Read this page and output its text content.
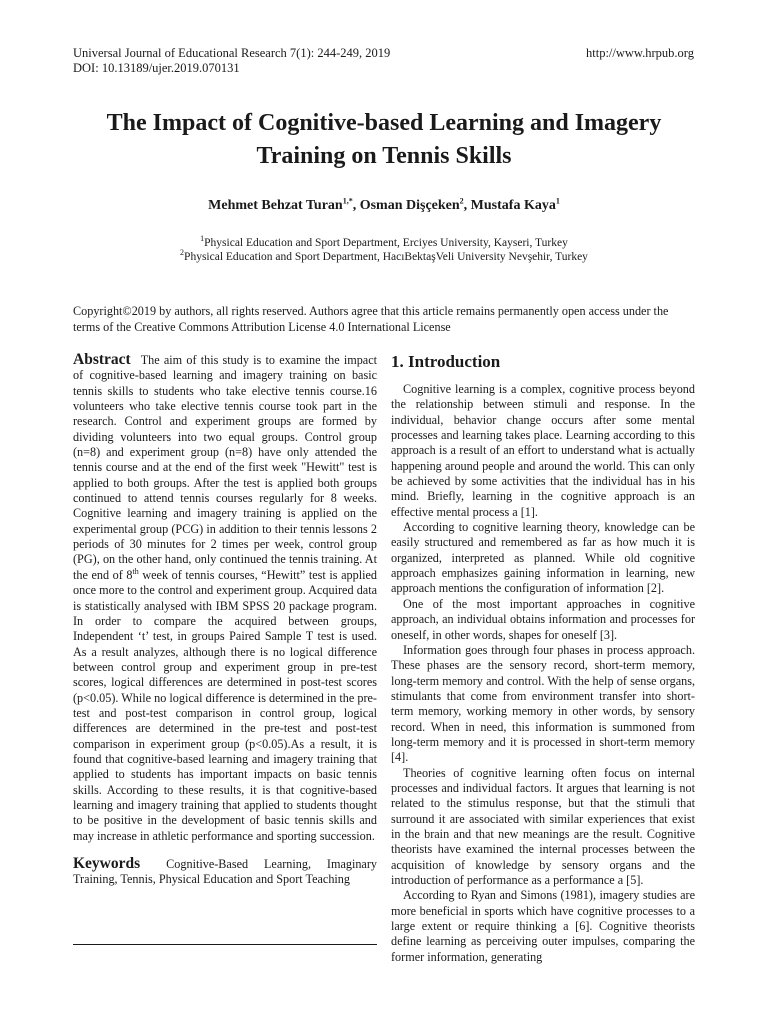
Universal Journal of Educational Research 7(1): 244-249, 2019
DOI: 10.13189/ujer.2019.070131
http://www.hrpub.org
The Impact of Cognitive-based Learning and Imagery
Training on Tennis Skills
Mehmet Behzat Turan$^{1,*}$, Osman Dişçeken$^2$, Mustafa Kaya$^1$
$^1$Physical Education and Sport Department, Erciyes University, Kayseri, Turkey
$^2$Physical Education and Sport Department, HacıBektaşVeli University Nevşehir, Turkey
Copyright©2019 by authors, all rights reserved. Authors agree that this article remains permanently open access under the terms of the Creative Commons Attribution License 4.0 International License

Abstract The aim of this study is to examine the impact of cognitive-based learning and imagery training on basic tennis skills to students who take elective tennis course.16 volunteers who take elective tennis course took part in the research. Control and experiment groups are formed by dividing volunteers into two equal groups. Control group (n=8) and experiment group (n=8) have only attended the tennis course and at the end of the first week "Hewitt" test is applied to both groups. After the test is applied both groups continued to attend tennis courses regularly for 8 weeks. Cognitive learning and imagery training is applied on the experimental group (PCG) in addition to their tennis lessons 2 periods of 30 minutes for 2 times per week, control group (PG), on the other hand, only continued the tennis training. At the end of 8th week of tennis courses, “Hewitt” test is applied once more to the control and experiment group. Acquired data is statistically analysed with IBM SPSS 20 package program. In order to compare the acquired between groups, Independent ‘t’ test, in groups Paired Sample T test is used. As a result analyzes, although there is no logical difference between control group and experiment group in pre-test scores, logical differences are determined in post-test scores (p<0.05). While no logical difference is determined in the pre-test and post-test comparison in control group, logical differences are determined in the pre-test and post-test comparison in experiment group (p<0.05).As a result, it is found that cognitive-based learning and imagery training that applied to students has important impacts on basic tennis skills. According to these results, it is that cognitive-based learning and imagery training that applied to students thought to be positive in the development of basic tennis skills and may increase in athletic performance and sporting succession.

Keywords Cognitive-Based Learning, Imaginary Training, Tennis, Physical Education and Sport Teaching

1. Introduction

Cognitive learning is a complex, cognitive process beyond the relationship between stimuli and response. In the individual, behavior change occurs after some mental processes and learning takes place. Learning according to this approach is a result of an effort to understand what is actually happening around people and around the world. This can only be achieved by some activities that the individual has in his mind. Briefly, learning in the cognitive approach is an effective mental process a [1].

According to cognitive learning theory, knowledge can be easily structured and remembered as far as how much it is organized, interpreted as planned. While old cognitive approach emphasizes gaining information in learning, new approach mentions the configuration of information [2].

One of the most important approaches in cognitive approach, an individual obtains information and processes for oneself, in other words, shapes for oneself [3].

Information goes through four phases in process approach. These phases are the sensory record, short-term memory, long-term memory and control. With the help of sense organs, stimulants that come from environment transfer into short-term memory, working memory in other words, by sensory record. When in need, this information is summoned from long-term memory and it is processed in short-term memory [4].

Theories of cognitive learning often focus on internal processes and individual factors. It argues that learning is not related to the stimulus response, but that the stimuli that surround it are associated with similar experiences that exist in the brain and that new meanings are the result. Cognitive theorists have examined the internal processes between the acquisition of knowledge by sensory organs and the introduction of performance as a performance a [5].

According to Ryan and Simons (1981), imagery studies are more beneficial in sports which have cognitive processes to a large extent or require thinking a [6]. Cognitive theorists define learning as perceiving outer impulses, comparing the former information, generating
